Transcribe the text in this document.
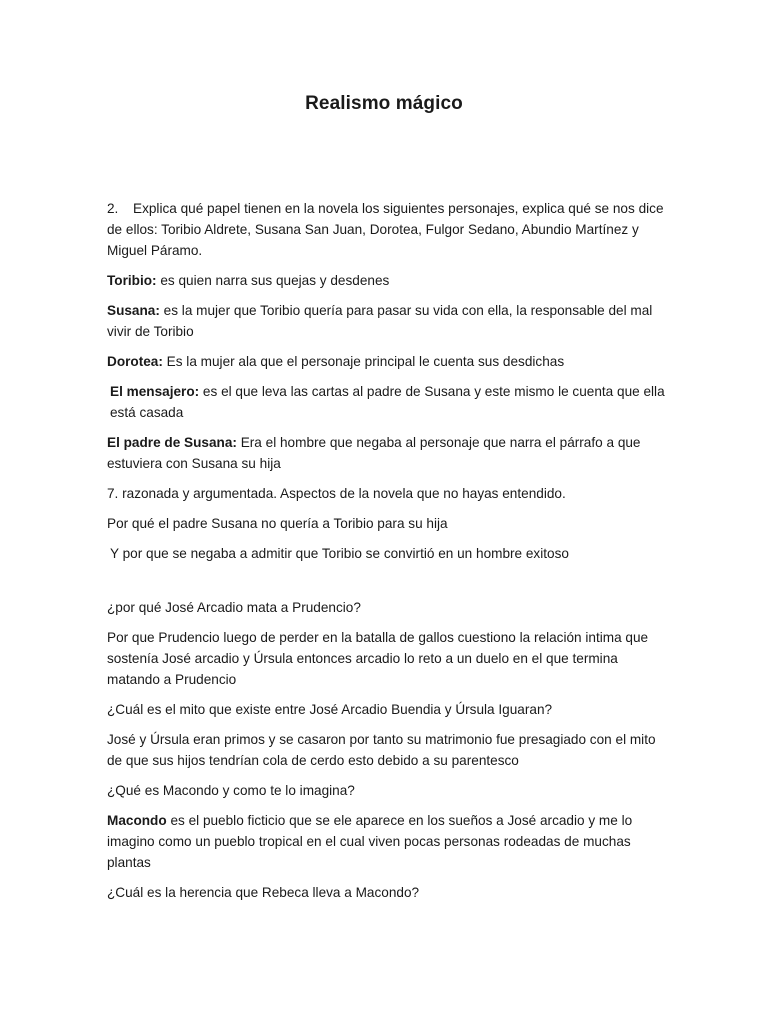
Realismo mágico

2. Explica qué papel tienen en la novela los siguientes personajes, explica qué se nos dice de ellos: Toribio Aldrete, Susana San Juan, Dorotea, Fulgor Sedano, Abundio Martínez y Miguel Páramo.

Toribio: es quien narra sus quejas y desdenes

Susana: es la mujer que Toribio quería para pasar su vida con ella, la responsable del mal vivir de Toribio

Dorotea: Es la mujer ala que el personaje principal le cuenta sus desdichas

El mensajero: es el que leva las cartas al padre de Susana y este mismo le cuenta que ella está casada

El padre de Susana: Era el hombre que negaba al personaje que narra el párrafo a que estuviera con Susana su hija

7. razonada y argumentada. Aspectos de la novela que no hayas entendido.

Por qué el padre Susana no quería a Toribio para su hija

Y por que se negaba a admitir que Toribio se convirtió en un hombre exitoso

¿por qué José Arcadio mata a Prudencio?

Por que Prudencio luego de perder en la batalla de gallos cuestiono la relación intima que sostenía José arcadio y Úrsula entonces arcadio lo reto a un duelo en el que termina matando a Prudencio

¿Cuál es el mito que existe entre José Arcadio Buendia y Úrsula Iguaran?

José y Úrsula eran primos y se casaron por tanto su matrimonio fue presagiado con el mito de que sus hijos tendrían cola de cerdo esto debido a su parentesco

¿Qué es Macondo y como te lo imagina?

Macondo es el pueblo ficticio que se ele aparece en los sueños a José arcadio y me lo imagino como un pueblo tropical en el cual viven pocas personas rodeadas de muchas plantas

¿Cuál es la herencia que Rebeca lleva a Macondo?
